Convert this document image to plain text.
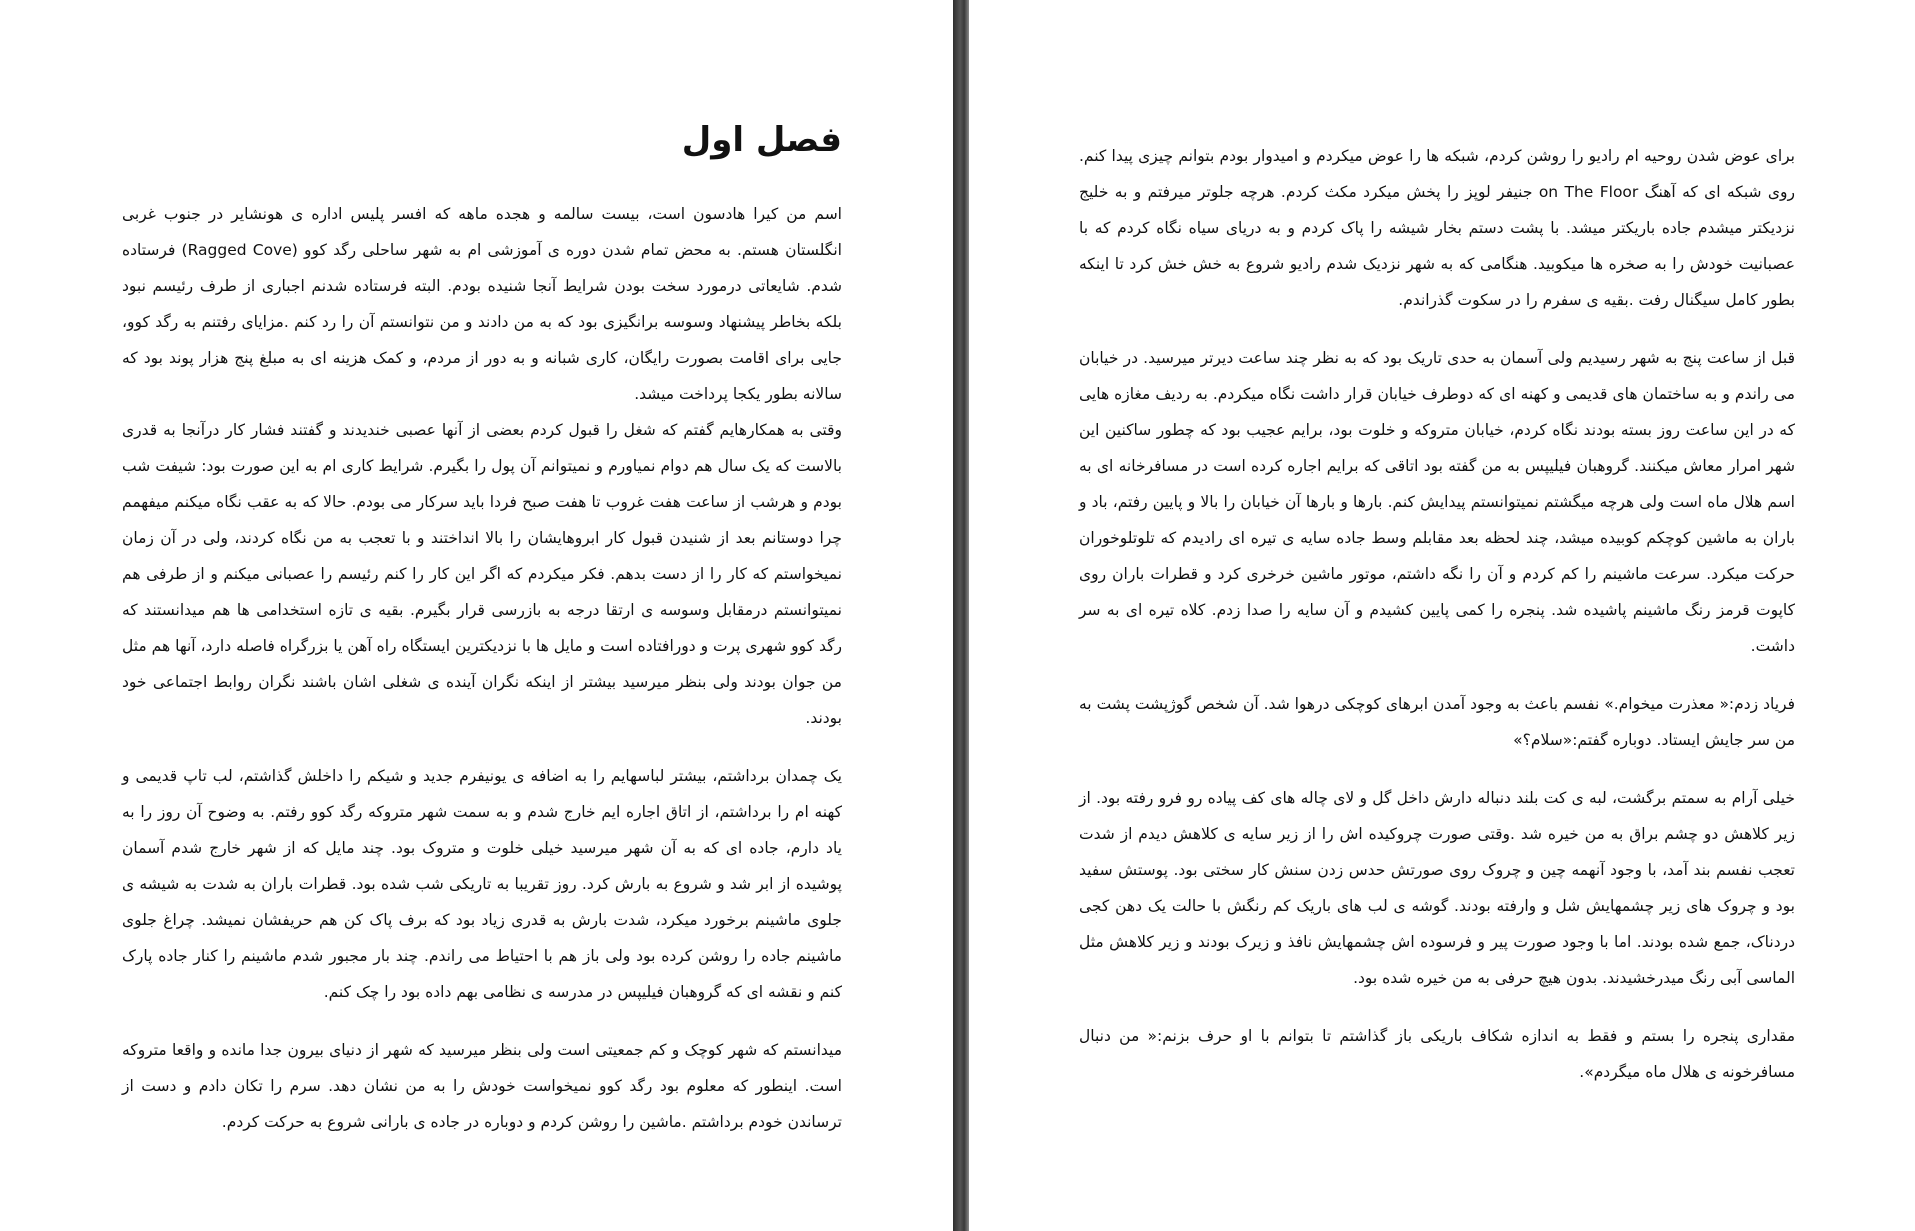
فصل اول

اسم من کیرا هادسون است، بیست سالمه و هجده ماهه که افسر پلیس اداره ی هونشایر در جنوب غربی انگلستان هستم. به محض تمام شدن دوره ی آموزشی ام به شهر ساحلی رگد کوو (Ragged Cove) فرستاده شدم. شایعاتی درمورد سخت بودن شرایط آنجا شنیده بودم. البته فرستاده شدنم اجباری از طرف رئیسم نبود بلکه بخاطر پیشنهاد وسوسه برانگیزی بود که به من دادند و من نتوانستم آن را رد کنم .مزایای رفتنم به رگد کوو، جایی برای اقامت بصورت رایگان، کاری شبانه و به دور از مردم، و کمک هزینه ای به مبلغ پنج هزار پوند بود که سالانه بطور یکجا پرداخت میشد.

وقتی به همکارهایم گفتم که شغل را قبول کردم بعضی از آنها عصبی خندیدند و گفتند فشار کار درآنجا به قدری بالاست که یک سال هم دوام نمیاورم و نمیتوانم آن پول را بگیرم. شرایط کاری ام به این صورت بود: شیفت شب بودم و هرشب از ساعت هفت غروب تا هفت صبح فردا باید سرکار می بودم. حالا که به عقب نگاه میکنم میفهمم چرا دوستانم بعد از شنیدن قبول کار ابروهایشان را بالا انداختند و با تعجب به من نگاه کردند، ولی در آن زمان نمیخواستم که کار را از دست بدهم. فکر میکردم که اگر این کار را کنم رئیسم را عصبانی میکنم و از طرفی هم نمیتوانستم درمقابل وسوسه ی ارتقا درجه به بازرسی قرار بگیرم. بقیه ی تازه استخدامی ها هم میدانستند که رگد کوو شهری پرت و دورافتاده است و مایل ها با نزدیکترین ایستگاه راه آهن یا بزرگراه فاصله دارد، آنها هم مثل من جوان بودند ولی بنظر میرسید بیشتر از اینکه نگران آینده ی شغلی اشان باشند نگران روابط اجتماعی خود بودند.

یک چمدان برداشتم، بیشتر لباسهایم را به اضافه ی یونیفرم جدید و شیکم را داخلش گذاشتم، لب تاپ قدیمی و کهنه ام را برداشتم، از اتاق اجاره ایم خارج شدم و به سمت شهر متروکه رگد کوو رفتم. به وضوح آن روز را به یاد دارم، جاده ای که به آن شهر میرسید خیلی خلوت و متروک بود. چند مایل که از شهر خارج شدم آسمان پوشیده از ابر شد و شروع به بارش کرد. روز تقریبا به تاریکی شب شده بود. قطرات باران به شدت به شیشه ی جلوی ماشینم برخورد میکرد، شدت بارش به قدری زیاد بود که برف پاک کن هم حریفشان نمیشد. چراغ جلوی ماشینم جاده را روشن کرده بود ولی باز هم با احتیاط می راندم. چند بار مجبور شدم ماشینم را کنار جاده پارک کنم و نقشه ای که گروهبان فیلیپس در مدرسه ی نظامی بهم داده بود را چک کنم.

میدانستم که شهر کوچک و کم جمعیتی است ولی بنظر میرسید که شهر از دنیای بیرون جدا مانده و واقعا متروکه است. اینطور که معلوم بود رگد کوو نمیخواست خودش را به من نشان دهد. سرم را تکان دادم و دست از ترساندن خودم برداشتم .ماشین را روشن کردم و دوباره در جاده ی بارانی شروع به حرکت کردم.

برای عوض شدن روحیه ام رادیو را روشن کردم، شبکه ها را عوض میکردم و امیدوار بودم بتوانم چیزی پیدا کنم. روی شبکه ای که آهنگ on The Floor جنیفر لوپز را پخش میکرد مکث کردم. هرچه جلوتر میرفتم و به خلیج نزدیکتر میشدم جاده باریکتر میشد. با پشت دستم بخار شیشه را پاک کردم و به دریای سیاه نگاه کردم که با عصبانیت خودش را به صخره ها میکوبید. هنگامی که به شهر نزدیک شدم رادیو شروع به خش خش کرد تا اینکه بطور کامل سیگنال رفت .بقیه ی سفرم را در سکوت گذراندم.

قبل از ساعت پنج به شهر رسیدیم ولی آسمان به حدی تاریک بود که به نظر چند ساعت دیرتر میرسید. در خیابان می راندم و به ساختمان های قدیمی و کهنه ای که دوطرف خیابان قرار داشت نگاه میکردم. به ردیف مغازه هایی که در این ساعت روز بسته بودند نگاه کردم، خیابان متروکه و خلوت بود، برایم عجیب بود که چطور ساکنین این شهر امرار معاش میکنند. گروهبان فیلیپس به من گفته بود اتاقی که برایم اجاره کرده است در مسافرخانه ای به اسم هلال ماه است ولی هرچه میگشتم نمیتوانستم پیدایش کنم. بارها و بارها آن خیابان را بالا و پایین رفتم، باد و باران به ماشین کوچکم کوبیده میشد، چند لحظه بعد مقابلم وسط جاده سایه ی تیره ای رادیدم که تلوتلوخوران حرکت میکرد. سرعت ماشینم را کم کردم و آن را نگه داشتم، موتور ماشین خرخری کرد و قطرات باران روی کاپوت قرمز رنگ ماشینم پاشیده شد. پنجره را کمی پایین کشیدم و آن سایه را صدا زدم. کلاه تیره ای به سر داشت.

فریاد زدم:« معذرت میخوام.» نفسم باعث به وجود آمدن ابرهای کوچکی درهوا شد. آن شخص گوژپشت پشت به من سر جایش ایستاد. دوباره گفتم:«سلام؟»

خیلی آرام به سمتم برگشت، لبه ی کت بلند دنباله دارش داخل گل و لای چاله های کف پیاده رو فرو رفته بود. از زیر کلاهش دو چشم براق به من خیره شد .وقتی صورت چروکیده اش را از زیر سایه ی کلاهش دیدم از شدت تعجب نفسم بند آمد، با وجود آنهمه چین و چروک روی صورتش حدس زدن سنش کار سختی بود. پوستش سفید بود و چروک های زیر چشمهایش شل و وارفته بودند. گوشه ی لب های باریک کم رنگش با حالت یک دهن کجی دردناک، جمع شده بودند. اما با وجود صورت پیر و فرسوده اش چشمهایش نافذ و زیرک بودند و زیر کلاهش مثل الماسی آبی رنگ میدرخشیدند. بدون هیچ حرفی به من خیره شده بود.

مقداری پنجره را بستم و فقط به اندازه شکاف باریکی باز گذاشتم تا بتوانم با او حرف بزنم:« من دنبال مسافرخونه ی هلال ماه میگردم».
